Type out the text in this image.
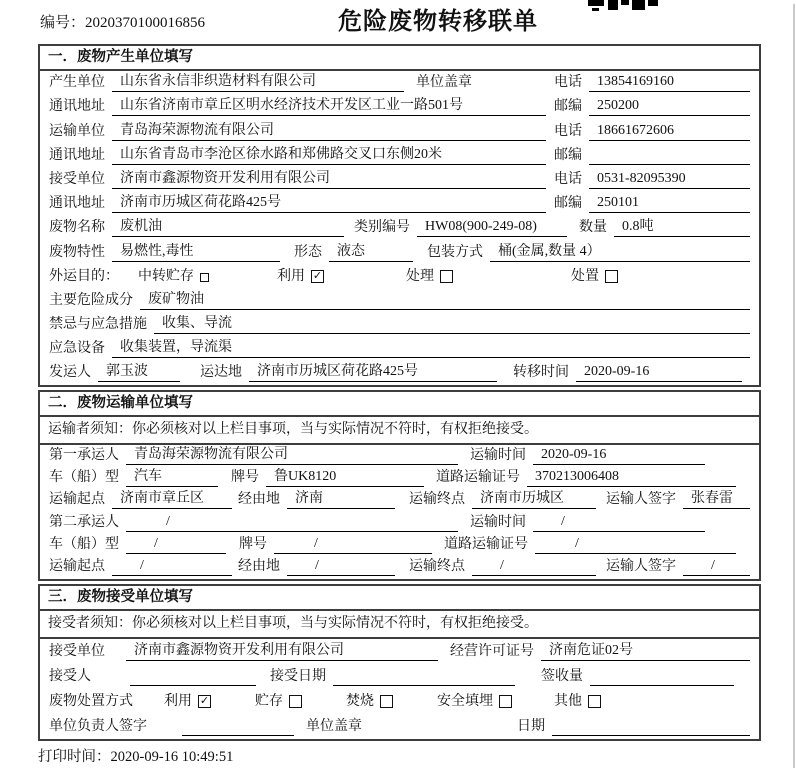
编号：2020370100016856	危险废物转移联单
一．废物产生单位填写
产生单位	山东省永信非织造材料有限公司	单位盖章	电话	13854169160
通讯地址	山东省济南市章丘区明水经济技术开发区工业一路501号	邮编	250200
运输单位	青岛海荣源物流有限公司	电话	18661672606
通讯地址	山东省青岛市李沧区徐水路和郑佛路交叉口东侧20米	邮编
接受单位	济南市鑫源物资开发利用有限公司	电话	0531-82095390
通讯地址	济南市历城区荷花路425号	邮编	250101
废物名称	废机油	类别编号	HW08(900-249-08)	数量	0.8吨
废物特性	易燃性,毒性	形态	液态	包装方式	桶(金属,数量 4）
外运目的： 中转贮存	利用 ✓	处理	处置
主要危险成分	废矿物油
禁忌与应急措施	收集、导流
应急设备	收集装置，导流渠
发运人	郭玉波	运达地	济南市历城区荷花路425号	转移时间	2020-09-16
二．废物运输单位填写
运输者须知：你必须核对以上栏目事项，当与实际情况不符时，有权拒绝接受。
第一承运人	青岛海荣源物流有限公司	运输时间	2020-09-16
车（船）型	汽车	牌号	鲁UK8120	道路运输证号	370213006408
运输起点	济南市章丘区	经由地	济南	运输终点	济南市历城区	运输人签字	张春雷
第二承运人	/	运输时间	/
车（船）型	/	牌号	/	道路运输证号	/
运输起点	/	经由地	/	运输终点	/	运输人签字	/
三．废物接受单位填写
接受者须知：你必须核对以上栏目事项，当与实际情况不符时，有权拒绝接受。
接受单位	济南市鑫源物资开发利用有限公司	经营许可证号	济南危证02号
接受人	接受日期	签收量
废物处置方式 利用 ✓	贮存	焚烧	安全填埋	其他
单位负责人签字	单位盖章	日期
打印时间：2020-09-16 10:49:51
